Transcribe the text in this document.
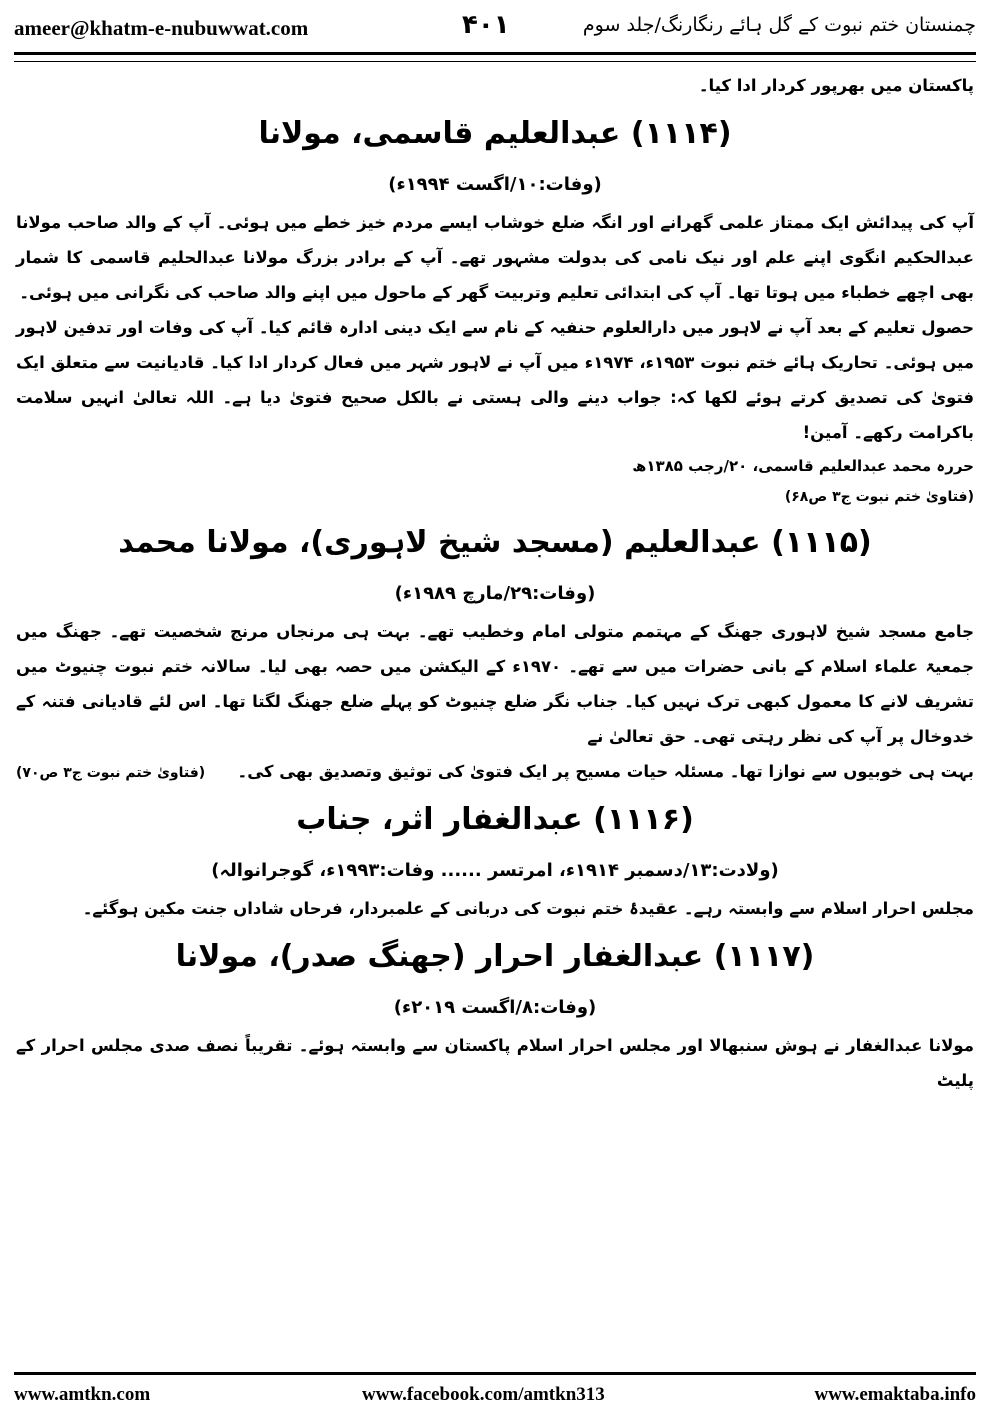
ameer@khatm-e-nubuwwat.com	۴۰۱	چمنستان ختم نبوت کے گل ہائے رنگارنگ/جلد سوم

پاکستان میں بھرپور کردار ادا کیا۔

(۱۱۱۴) عبدالعلیم قاسمی، مولانا

(وفات:۱۰/اگست ۱۹۹۴ء)

آپ کی پیدائش ایک ممتاز علمی گھرانے اور انگہ ضلع خوشاب ایسے مردم خیز خطے میں ہوئی۔ آپ کے والد صاحب مولانا عبدالحکیم انگوی اپنے علم اور نیک نامی کی بدولت مشہور تھے۔ آپ کے برادر بزرگ مولانا عبدالحلیم قاسمی کا شمار بھی اچھے خطباء میں ہوتا تھا۔ آپ کی ابتدائی تعلیم وتربیت گھر کے ماحول میں اپنے والد صاحب کی نگرانی میں ہوئی۔

حصول تعلیم کے بعد آپ نے لاہور میں دارالعلوم حنفیہ کے نام سے ایک دینی ادارہ قائم کیا۔ آپ کی وفات اور تدفین لاہور میں ہوئی۔ تحاریک ہائے ختم نبوت ۱۹۵۳ء، ۱۹۷۴ء میں آپ نے لاہور شہر میں فعال کردار ادا کیا۔ قادیانیت سے متعلق ایک فتویٰ کی تصدیق کرتے ہوئے لکھا کہ: جواب دینے والی ہستی نے بالکل صحیح فتویٰ دیا ہے۔ اللہ تعالیٰ انہیں سلامت باکرامت رکھے۔ آمین!

حررہ محمد عبدالعلیم قاسمی، ۲۰/رجب ۱۳۸۵ھ

(فتاویٰ ختم نبوت ج۳ ص۶۸)

(۱۱۱۵) عبدالعلیم (مسجد شیخ لاہوری)، مولانا محمد

(وفات:۲۹/مارچ ۱۹۸۹ء)

جامع مسجد شیخ لاہوری جھنگ کے مہتمم متولی امام وخطیب تھے۔ بہت ہی مرنجاں مرنج شخصیت تھے۔ جھنگ میں جمعیۃ علماء اسلام کے بانی حضرات میں سے تھے۔ ۱۹۷۰ء کے الیکشن میں حصہ بھی لیا۔ سالانہ ختم نبوت چنیوٹ میں تشریف لانے کا معمول کبھی ترک نہیں کیا۔ جناب نگر ضلع چنیوٹ کو پہلے ضلع جھنگ لگتا تھا۔ اس لئے قادیانی فتنہ کے خدوخال پر آپ کی نظر رہتی تھی۔ حق تعالیٰ نے

بہت ہی خوبیوں سے نوازا تھا۔ مسئلہ حیات مسیح پر ایک فتویٰ کی توثیق وتصدیق بھی کی۔
(فتاویٰ ختم نبوت ج۳ ص۷۰)

(۱۱۱۶) عبدالغفار اثر، جناب

(ولادت:۱۳/دسمبر ۱۹۱۴ء، امرتسر ...... وفات:۱۹۹۳ء، گوجرانوالہ)

مجلس احرار اسلام سے وابستہ رہے۔ عقیدۂ ختم نبوت کی دربانی کے علمبردار، فرحاں شاداں جنت مکین ہوگئے۔

(۱۱۱۷) عبدالغفار احرار (جھنگ صدر)، مولانا

(وفات:۸/اگست ۲۰۱۹ء)

مولانا عبدالغفار نے ہوش سنبھالا اور مجلس احرار اسلام پاکستان سے وابستہ ہوئے۔ تقریباً نصف صدی مجلس احرار کے پلیٹ

www.amtkn.com	www.facebook.com/amtkn313	www.emaktaba.info
